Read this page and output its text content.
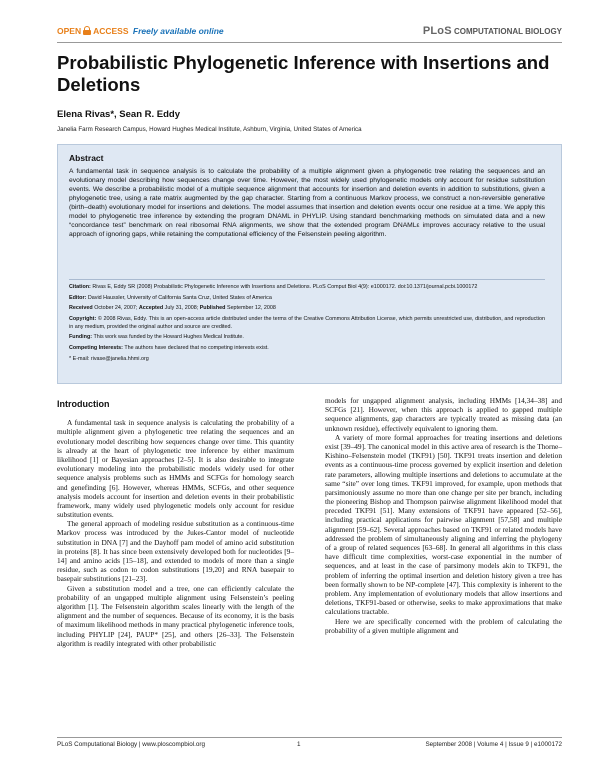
OPEN ACCESS Freely available online	PLoS COMPUTATIONAL BIOLOGY
Probabilistic Phylogenetic Inference with Insertions and Deletions
Elena Rivas*, Sean R. Eddy
Janelia Farm Research Campus, Howard Hughes Medical Institute, Ashburn, Virginia, United States of America
Abstract
A fundamental task in sequence analysis is to calculate the probability of a multiple alignment given a phylogenetic tree relating the sequences and an evolutionary model describing how sequences change over time. However, the most widely used phylogenetic models only account for residue substitution events. We describe a probabilistic model of a multiple sequence alignment that accounts for insertion and deletion events in addition to substitutions, given a phylogenetic tree, using a rate matrix augmented by the gap character. Starting from a continuous Markov process, we construct a non-reversible generative (birth–death) evolutionary model for insertions and deletions. The model assumes that insertion and deletion events occur one residue at a time. We apply this model to phylogenetic tree inference by extending the program DNAML in PHYLIP. Using standard benchmarking methods on simulated data and a new “concordance test” benchmark on real ribosomal RNA alignments, we show that the extended program DNAMLε improves accuracy relative to the usual approach of ignoring gaps, while retaining the computational efficiency of the Felsenstein peeling algorithm.

Citation: Rivas E, Eddy SR (2008) Probabilistic Phylogenetic Inference with Insertions and Deletions. PLoS Comput Biol 4(9): e1000172. doi:10.1371/journal.pcbi.1000172

Editor: David Haussler, University of California Santa Cruz, United States of America

Received October 24, 2007; Accepted July 31, 2008; Published September 12, 2008

Copyright: © 2008 Rivas, Eddy. This is an open-access article distributed under the terms of the Creative Commons Attribution License, which permits unrestricted use, distribution, and reproduction in any medium, provided the original author and source are credited.

Funding: This work was funded by the Howard Hughes Medical Institute.

Competing Interests: The authors have declared that no competing interests exist.

* E-mail: rivase@janelia.hhmi.org

Introduction

A fundamental task in sequence analysis is calculating the probability of a multiple alignment given a phylogenetic tree relating the sequences and an evolutionary model describing how sequences change over time. This quantity is already at the heart of phylogenetic tree inference by either maximum likelihood [1] or Bayesian approaches [2–5]. It is also desirable to integrate evolutionary modeling into the probabilistic models widely used for other sequence analysis problems such as HMMs and SCFGs for homology search and genefinding [6]. However, whereas HMMs, SCFGs, and other sequence analysis models account for insertion and deletion events in their probabilistic framework, many widely used phylogenetic models only account for residue substitution events.

The general approach of modeling residue substitution as a continuous-time Markov process was introduced by the Jukes-Cantor model of nucleotide substitution in DNA [7] and the Dayhoff pam model of amino acid substitution in proteins [8]. It has since been extensively developed both for nucleotides [9–14] and amino acids [15–18], and extended to models of more than a single residue, such as codon to codon substitutions [19,20] and RNA basepair to basepair substitutions [21–23].

Given a substitution model and a tree, one can efficiently calculate the probability of an ungapped multiple alignment using Felsenstein’s peeling algorithm [1]. The Felsenstein algorithm scales linearly with the length of the alignment and the number of sequences. Because of its economy, it is the basis of maximum likelihood methods in many practical phylogenetic inference tools, including PHYLIP [24], PAUP* [25], and others [26–33]. The Felsenstein algorithm is readily integrated with other probabilistic

models for ungapped alignment analysis, including HMMs [14,34–38] and SCFGs [21]. However, when this approach is applied to gapped multiple sequence alignments, gap characters are typically treated as missing data (an unknown residue), effectively equivalent to ignoring them.

A variety of more formal approaches for treating insertions and deletions exist [39–49]. The canonical model in this active area of research is the Thorne–Kishino–Felsenstein model (TKF91) [50]. TKF91 treats insertion and deletion events as a continuous-time process governed by explicit insertion and deletion rate parameters, allowing multiple insertions and deletions to accumulate at the same “site” over long times. TKF91 improved, for example, upon methods that parsimoniously assume no more than one change per site per branch, including the pioneering Bishop and Thompson pairwise alignment likelihood model that preceded TKF91 [51]. Many extensions of TKF91 have appeared [52–56], including practical applications for pairwise alignment [57,58] and multiple alignment [59–62]. Several approaches based on TKF91 or related models have addressed the problem of simultaneously aligning and inferring the phylogeny of a group of related sequences [63–68]. In general all algorithms in this class have difficult time complexities, worst-case exponential in the number of sequences, and at least in the case of parsimony models akin to TKF91, the problem of inferring the optimal insertion and deletion history given a tree has been formally shown to be NP-complete [47]. This complexity is inherent to the problem. Any implementation of evolutionary models that allow insertions and deletions, TKF91-based or otherwise, seeks to make approximations that make calculations tractable.

Here we are specifically concerned with the problem of calculating the probability of a given multiple alignment and

PLoS Computational Biology | www.ploscompbiol.org	1	September 2008 | Volume 4 | Issue 9 | e1000172
